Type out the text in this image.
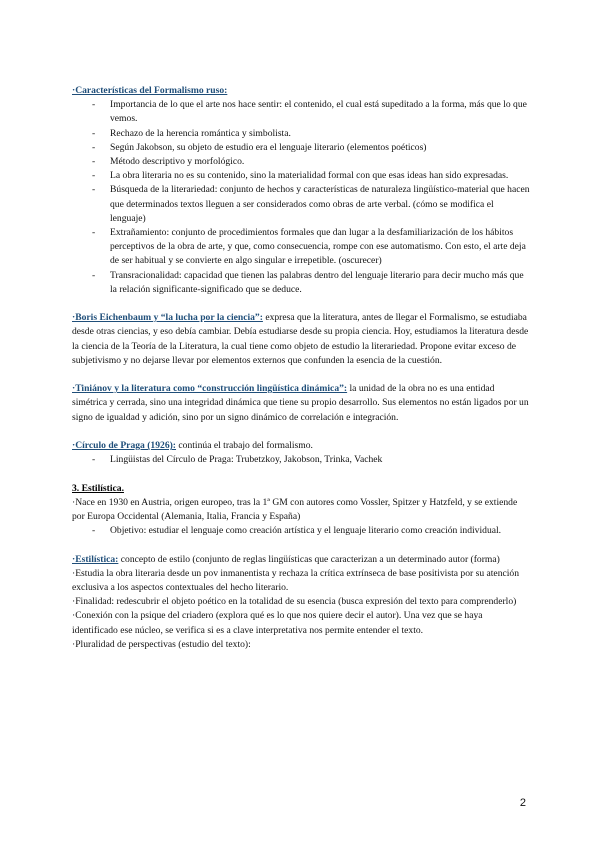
·Características del Formalismo ruso:
- Importancia de lo que el arte nos hace sentir: el contenido, el cual está supeditado a la forma, más que lo que vemos.
- Rechazo de la herencia romántica y simbolista.
- Según Jakobson, su objeto de estudio era el lenguaje literario (elementos poéticos)
- Método descriptivo y morfológico.
- La obra literaria no es su contenido, sino la materialidad formal con que esas ideas han sido expresadas.
- Búsqueda de la literariedad: conjunto de hechos y características de naturaleza lingüístico-material que hacen que determinados textos lleguen a ser considerados como obras de arte verbal. (cómo se modifica el lenguaje)
- Extrañamiento: conjunto de procedimientos formales que dan lugar a la desfamiliarización de los hábitos perceptivos de la obra de arte, y que, como consecuencia, rompe con ese automatismo. Con esto, el arte deja de ser habitual y se convierte en algo singular e irrepetible. (oscurecer)
- Transracionalidad: capacidad que tienen las palabras dentro del lenguaje literario para decir mucho más que la relación significante-significado que se deduce.

·Boris Eichenbaum y “la lucha por la ciencia”: expresa que la literatura, antes de llegar el Formalismo, se estudiaba desde otras ciencias, y eso debía cambiar. Debía estudiarse desde su propia ciencia. Hoy, estudiamos la literatura desde la ciencia de la Teoría de la Literatura, la cual tiene como objeto de estudio la literariedad. Propone evitar exceso de subjetivismo y no dejarse llevar por elementos externos que confunden la esencia de la cuestión.

·Tiniánov y la literatura como “construcción lingüística dinámica”: la unidad de la obra no es una entidad simétrica y cerrada, sino una integridad dinámica que tiene su propio desarrollo. Sus elementos no están ligados por un signo de igualdad y adición, sino por un signo dinámico de correlación e integración.

·Círculo de Praga (1926): continúa el trabajo del formalismo.

- Lingüistas del Círculo de Praga: Trubetzkoy, Jakobson, Trinka, Vachek
3. Estilística.

·Nace en 1930 en Austria, origen europeo, tras la 1ª GM con autores como Vossler, Spitzer y Hatzfeld, y se extiende por Europa Occidental (Alemania, Italia, Francia y España)

- Objetivo: estudiar el lenguaje como creación artística y el lenguaje literario como creación individual.

·Estilística: concepto de estilo (conjunto de reglas lingüísticas que caracterizan a un determinado autor (forma)

·Estudia la obra literaria desde un pov inmanentista y rechaza la crítica extrínseca de base positivista por su atención exclusiva a los aspectos contextuales del hecho literario.

·Finalidad: redescubrir el objeto poético en la totalidad de su esencia (busca expresión del texto para comprenderlo)

·Conexión con la psique del criadero (explora qué es lo que nos quiere decir el autor). Una vez que se haya identificado ese núcleo, se verifica si es a clave interpretativa nos permite entender el texto.

·Pluralidad de perspectivas (estudio del texto):

2
